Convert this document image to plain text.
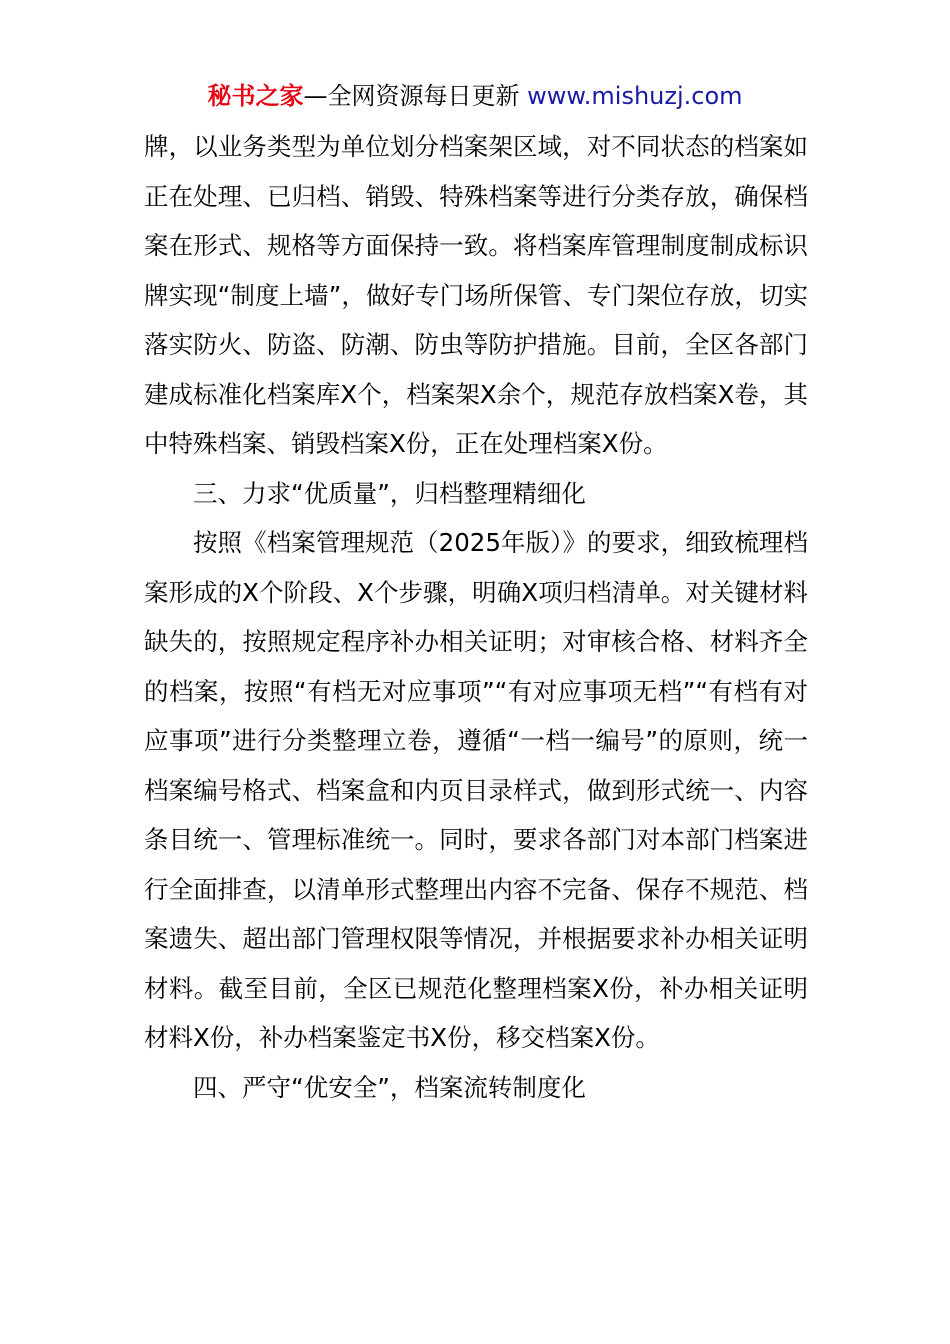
秘书之家—全网资源每日更新 www.mishuzj.com

牌，以业务类型为单位划分档案架区域，对不同状态的档案如正在处理、已归档、销毁、特殊档案等进行分类存放，确保档案在形式、规格等方面保持一致。将档案库管理制度制成标识牌实现“制度上墙”，做好专门场所保管、专门架位存放，切实落实防火、防盗、防潮、防虫等防护措施。目前，全区各部门建成标准化档案库X个，档案架X余个，规范存放档案X卷，其中特殊档案、销毁档案X份，正在处理档案X份。

三、力求“优质量”，归档整理精细化

按照《档案管理规范（2025年版）》的要求，细致梳理档案形成的X个阶段、X个步骤，明确X项归档清单。对关键材料缺失的，按照规定程序补办相关证明；对审核合格、材料齐全的档案，按照“有档无对应事项”“有对应事项无档”“有档有对应事项”进行分类整理立卷，遵循“一档一编号”的原则，统一档案编号格式、档案盒和内页目录样式，做到形式统一、内容条目统一、管理标准统一。同时，要求各部门对本部门档案进行全面排查，以清单形式整理出内容不完备、保存不规范、档案遗失、超出部门管理权限等情况，并根据要求补办相关证明材料。截至目前，全区已规范化整理档案X份，补办相关证明材料X份，补办档案鉴定书X份，移交档案X份。

四、严守“优安全”，档案流转制度化
